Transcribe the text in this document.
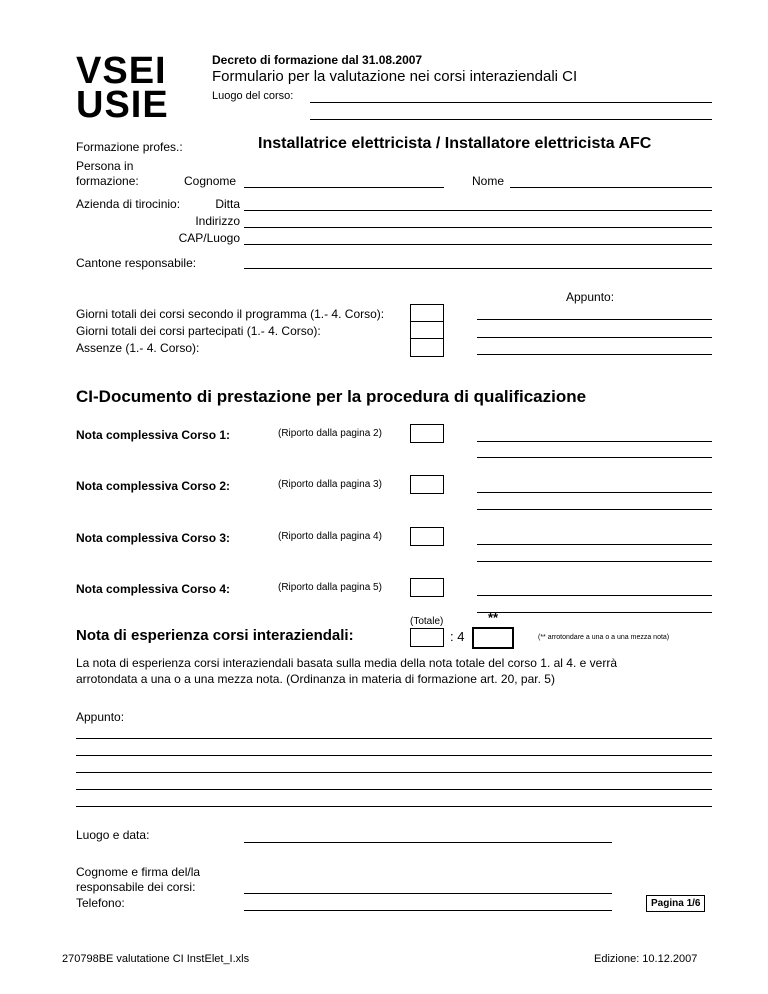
VSEI
USIE
Decreto di formazione dal 31.08.2007
Formulario per la valutazione nei corsi interaziendali CI
Luogo del corso:
Formazione profes.:	Installatrice elettricista / Installatore elettricista AFC
Persona in
formazione:	Cognome	Nome
Azienda di tirocinio:	Ditta
Indirizzo
CAP/Luogo
Cantone responsabile:
Appunto:
Giorni totali dei corsi secondo il programma (1.- 4. Corso):
Giorni totali dei corsi partecipati (1.- 4. Corso):
Assenze (1.- 4. Corso):
CI-Documento di prestazione per la procedura di qualificazione
Nota complessiva Corso 1:	(Riporto dalla pagina 2)
Nota complessiva Corso 2:	(Riporto dalla pagina 3)
Nota complessiva Corso 3:	(Riporto dalla pagina 4)
Nota complessiva Corso 4:	(Riporto dalla pagina 5)
(Totale)	**
Nota di esperienza corsi interaziendali:	: 4	(** arrotondare a una o a una mezza nota)
La nota di esperienza corsi interaziendali basata sulla media della nota totale del corso 1. al 4. e verrà
arrotondata a una o a una mezza nota. (Ordinanza in materia di formazione art. 20, par. 5)
Appunto:
Luogo e data:
Cognome e firma del/la
responsabile dei corsi:
Telefono:	Pagina 1/6
270798BE valutatione CI InstElet_I.xls	Edizione: 10.12.2007
